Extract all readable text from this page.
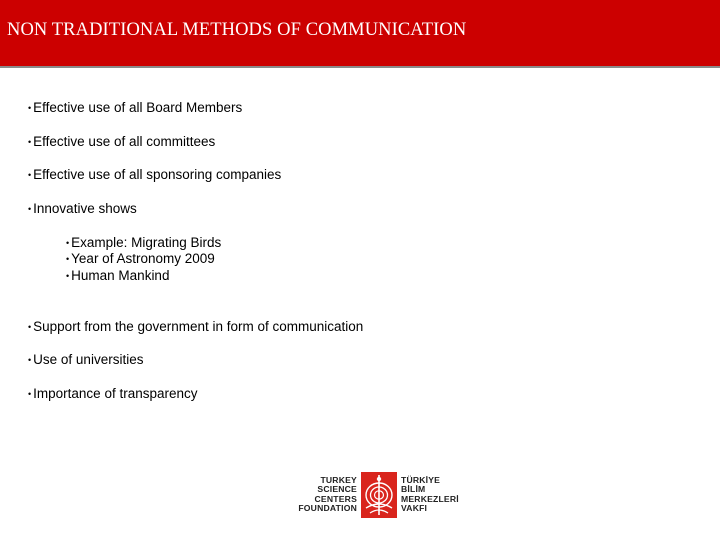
NON TRADITIONAL METHODS OF COMMUNICATION
• Effective use of all Board Members
• Effective use of all committees
• Effective use of all sponsoring companies
• Innovative shows
• Example: Migrating Birds
• Year of Astronomy 2009
• Human Mankind
• Support from the government in form of communication
• Use of universities
• Importance of transparency
TURKEY
SCIENCE
CENTERS
FOUNDATION
TÜRKİYE
BİLİM
MERKEZLERİ
VAKFI
